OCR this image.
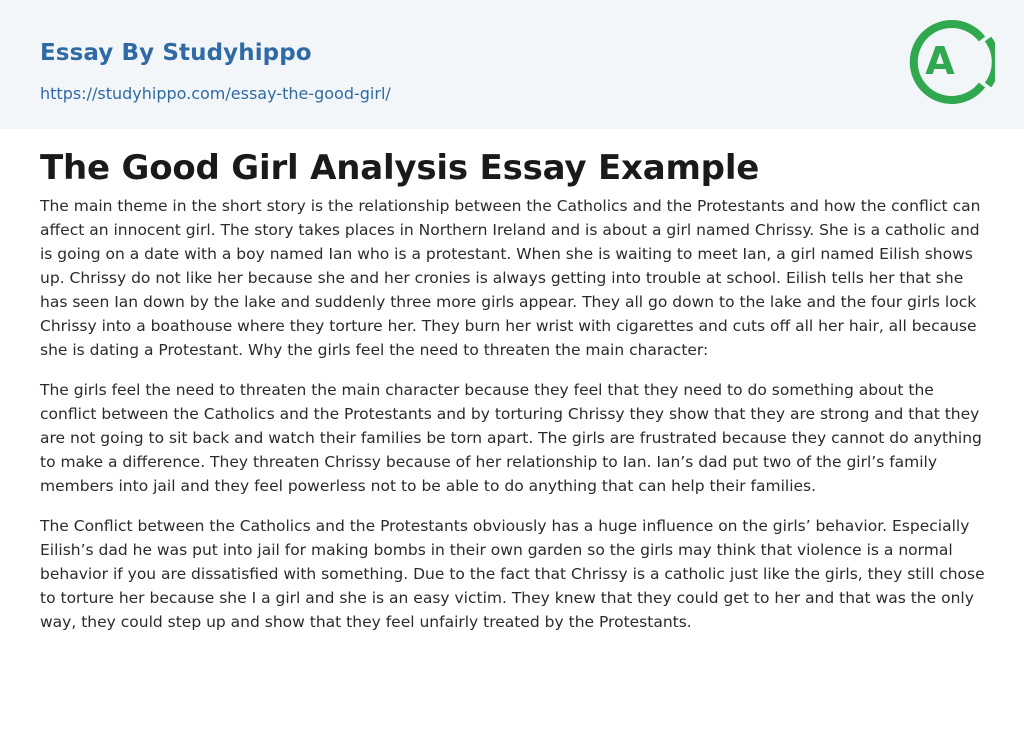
Essay By Studyhippo
https://studyhippo.com/essay-the-good-girl/
A
The Good Girl Analysis Essay Example

The main theme in the short story is the relationship between the Catholics and the Protestants and how the conflict can affect an innocent girl. The story takes places in Northern Ireland and is about a girl named Chrissy. She is a catholic and is going on a date with a boy named Ian who is a protestant. When she is waiting to meet Ian, a girl named Eilish shows up. Chrissy do not like her because she and her cronies is always getting into trouble at school. Eilish tells her that she has seen Ian down by the lake and suddenly three more girls appear. They all go down to the lake and the four girls lock Chrissy into a boathouse where they torture her. They burn her wrist with cigarettes and cuts off all her hair, all because she is dating a Protestant. Why the girls feel the need to threaten the main character:

The girls feel the need to threaten the main character because they feel that they need to do something about the conflict between the Catholics and the Protestants and by torturing Chrissy they show that they are strong and that they are not going to sit back and watch their families be torn apart. The girls are frustrated because they cannot do anything to make a difference. They threaten Chrissy because of her relationship to Ian. Ian’s dad put two of the girl’s family members into jail and they feel powerless not to be able to do anything that can help their families.

The Conflict between the Catholics and the Protestants obviously has a huge influence on the girls’ behavior. Especially Eilish’s dad he was put into jail for making bombs in their own garden so the girls may think that violence is a normal behavior if you are dissatisfied with something. Due to the fact that Chrissy is a catholic just like the girls, they still chose to torture her because she I a girl and she is an easy victim. They knew that they could get to her and that was the only way, they could step up and show that they feel unfairly treated by the Protestants.
